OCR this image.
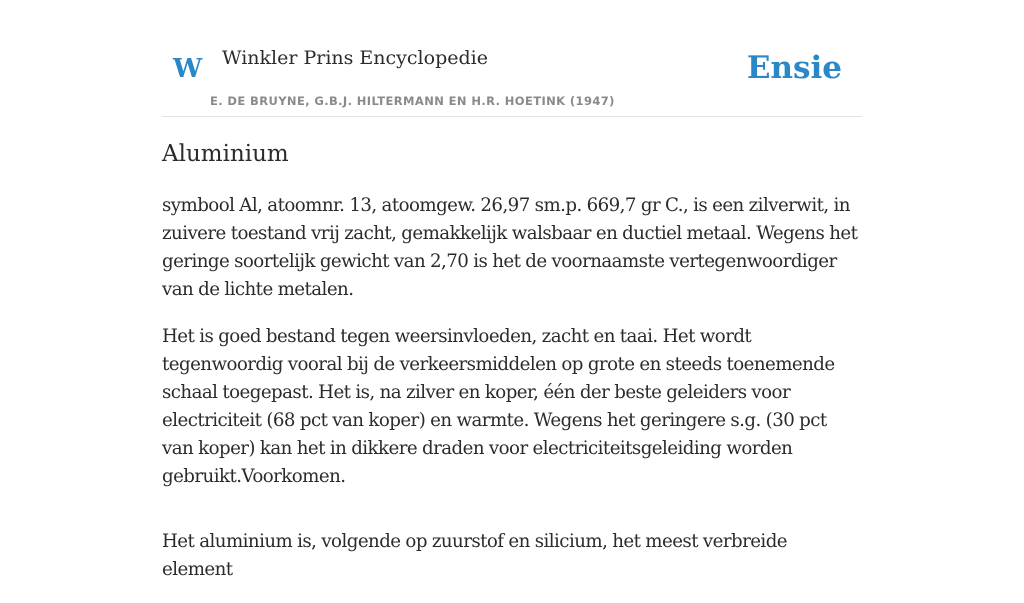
W Winkler Prins Encyclopedie
E. DE BRUYNE, G.B.J. HILTERMANN EN H.R. HOETINK (1947)
Ensie
Aluminium

symbool Al, atoomnr. 13, atoomgew. 26,97 sm.p. 669,7 gr C., is een zilverwit, in zuivere toestand vrij zacht, gemakkelijk walsbaar en ductiel metaal. Wegens het geringe soortelijk gewicht van 2,70 is het de voornaamste vertegenwoordiger van de lichte metalen.

Het is goed bestand tegen weersinvloeden, zacht en taai. Het wordt tegenwoordig vooral bij de verkeersmiddelen op grote en steeds toenemende schaal toegepast. Het is, na zilver en koper, één der beste geleiders voor electriciteit (68 pct van koper) en warmte. Wegens het geringere s.g. (30 pct van koper) kan het in dikkere draden voor electriciteitsgeleiding worden gebruikt.Voorkomen.

Het aluminium is, volgende op zuurstof en silicium, het meest verbreide element
